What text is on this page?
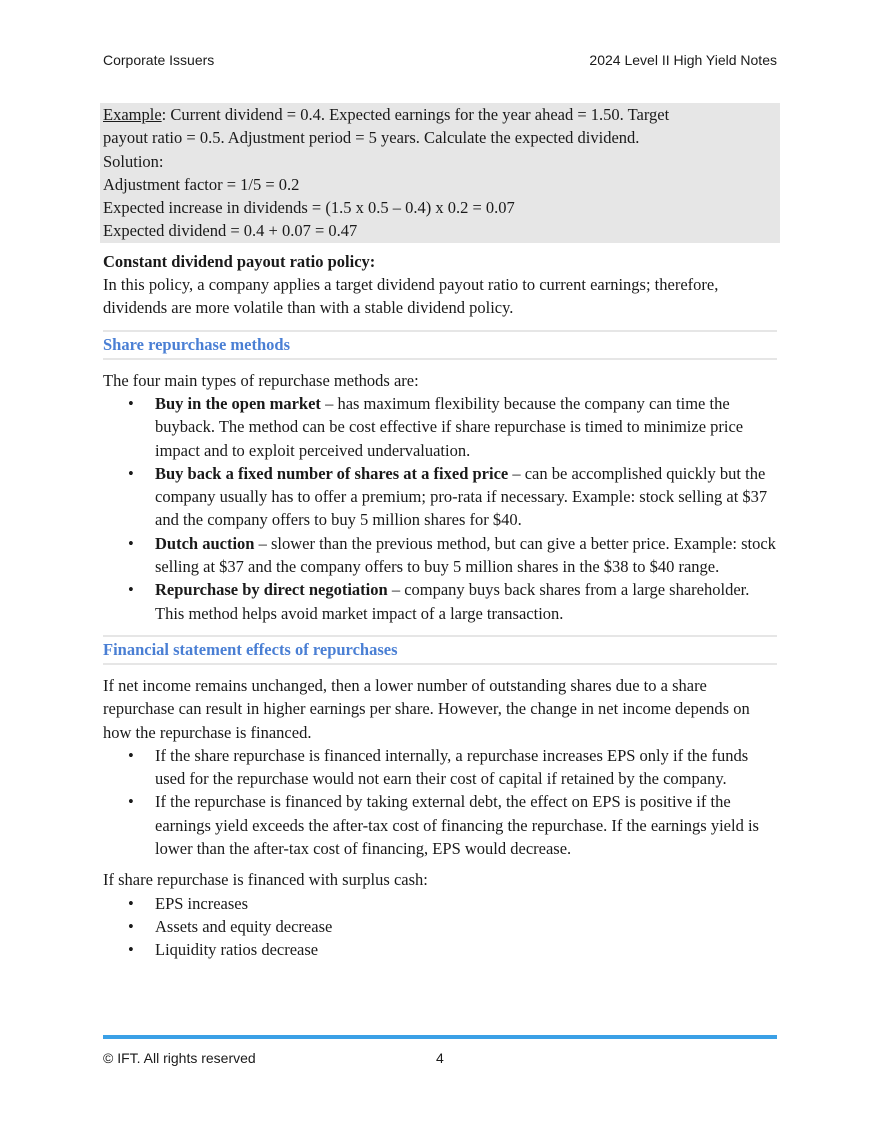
Corporate Issuers	2024 Level II High Yield Notes

Example: Current dividend = 0.4. Expected earnings for the year ahead = 1.50. Target

payout ratio = 0.5. Adjustment period = 5 years. Calculate the expected dividend.

Solution:

Adjustment factor = 1/5 = 0.2

Expected increase in dividends = (1.5 x 0.5 – 0.4) x 0.2 = 0.07

Expected dividend = 0.4 + 0.07 = 0.47

Constant dividend payout ratio policy:
In this policy, a company applies a target dividend payout ratio to current earnings; therefore, dividends are more volatile than with a stable dividend policy.
Share repurchase methods
The four main types of repurchase methods are:
• Buy in the open market – has maximum flexibility because the company can time the buyback. The method can be cost effective if share repurchase is timed to minimize price impact and to exploit perceived undervaluation.
• Buy back a fixed number of shares at a fixed price – can be accomplished quickly but the company usually has to offer a premium; pro-rata if necessary. Example: stock selling at $37 and the company offers to buy 5 million shares for $40.
• Dutch auction – slower than the previous method, but can give a better price. Example: stock selling at $37 and the company offers to buy 5 million shares in the $38 to $40 range.
• Repurchase by direct negotiation – company buys back shares from a large shareholder. This method helps avoid market impact of a large transaction.
Financial statement effects of repurchases
If net income remains unchanged, then a lower number of outstanding shares due to a share repurchase can result in higher earnings per share. However, the change in net income depends on how the repurchase is financed.
• If the share repurchase is financed internally, a repurchase increases EPS only if the funds used for the repurchase would not earn their cost of capital if retained by the company.
• If the repurchase is financed by taking external debt, the effect on EPS is positive if the earnings yield exceeds the after-tax cost of financing the repurchase. If the earnings yield is lower than the after-tax cost of financing, EPS would decrease.
If share repurchase is financed with surplus cash:
• EPS increases
• Assets and equity decrease
• Liquidity ratios decrease
© IFT. All rights reserved	4
